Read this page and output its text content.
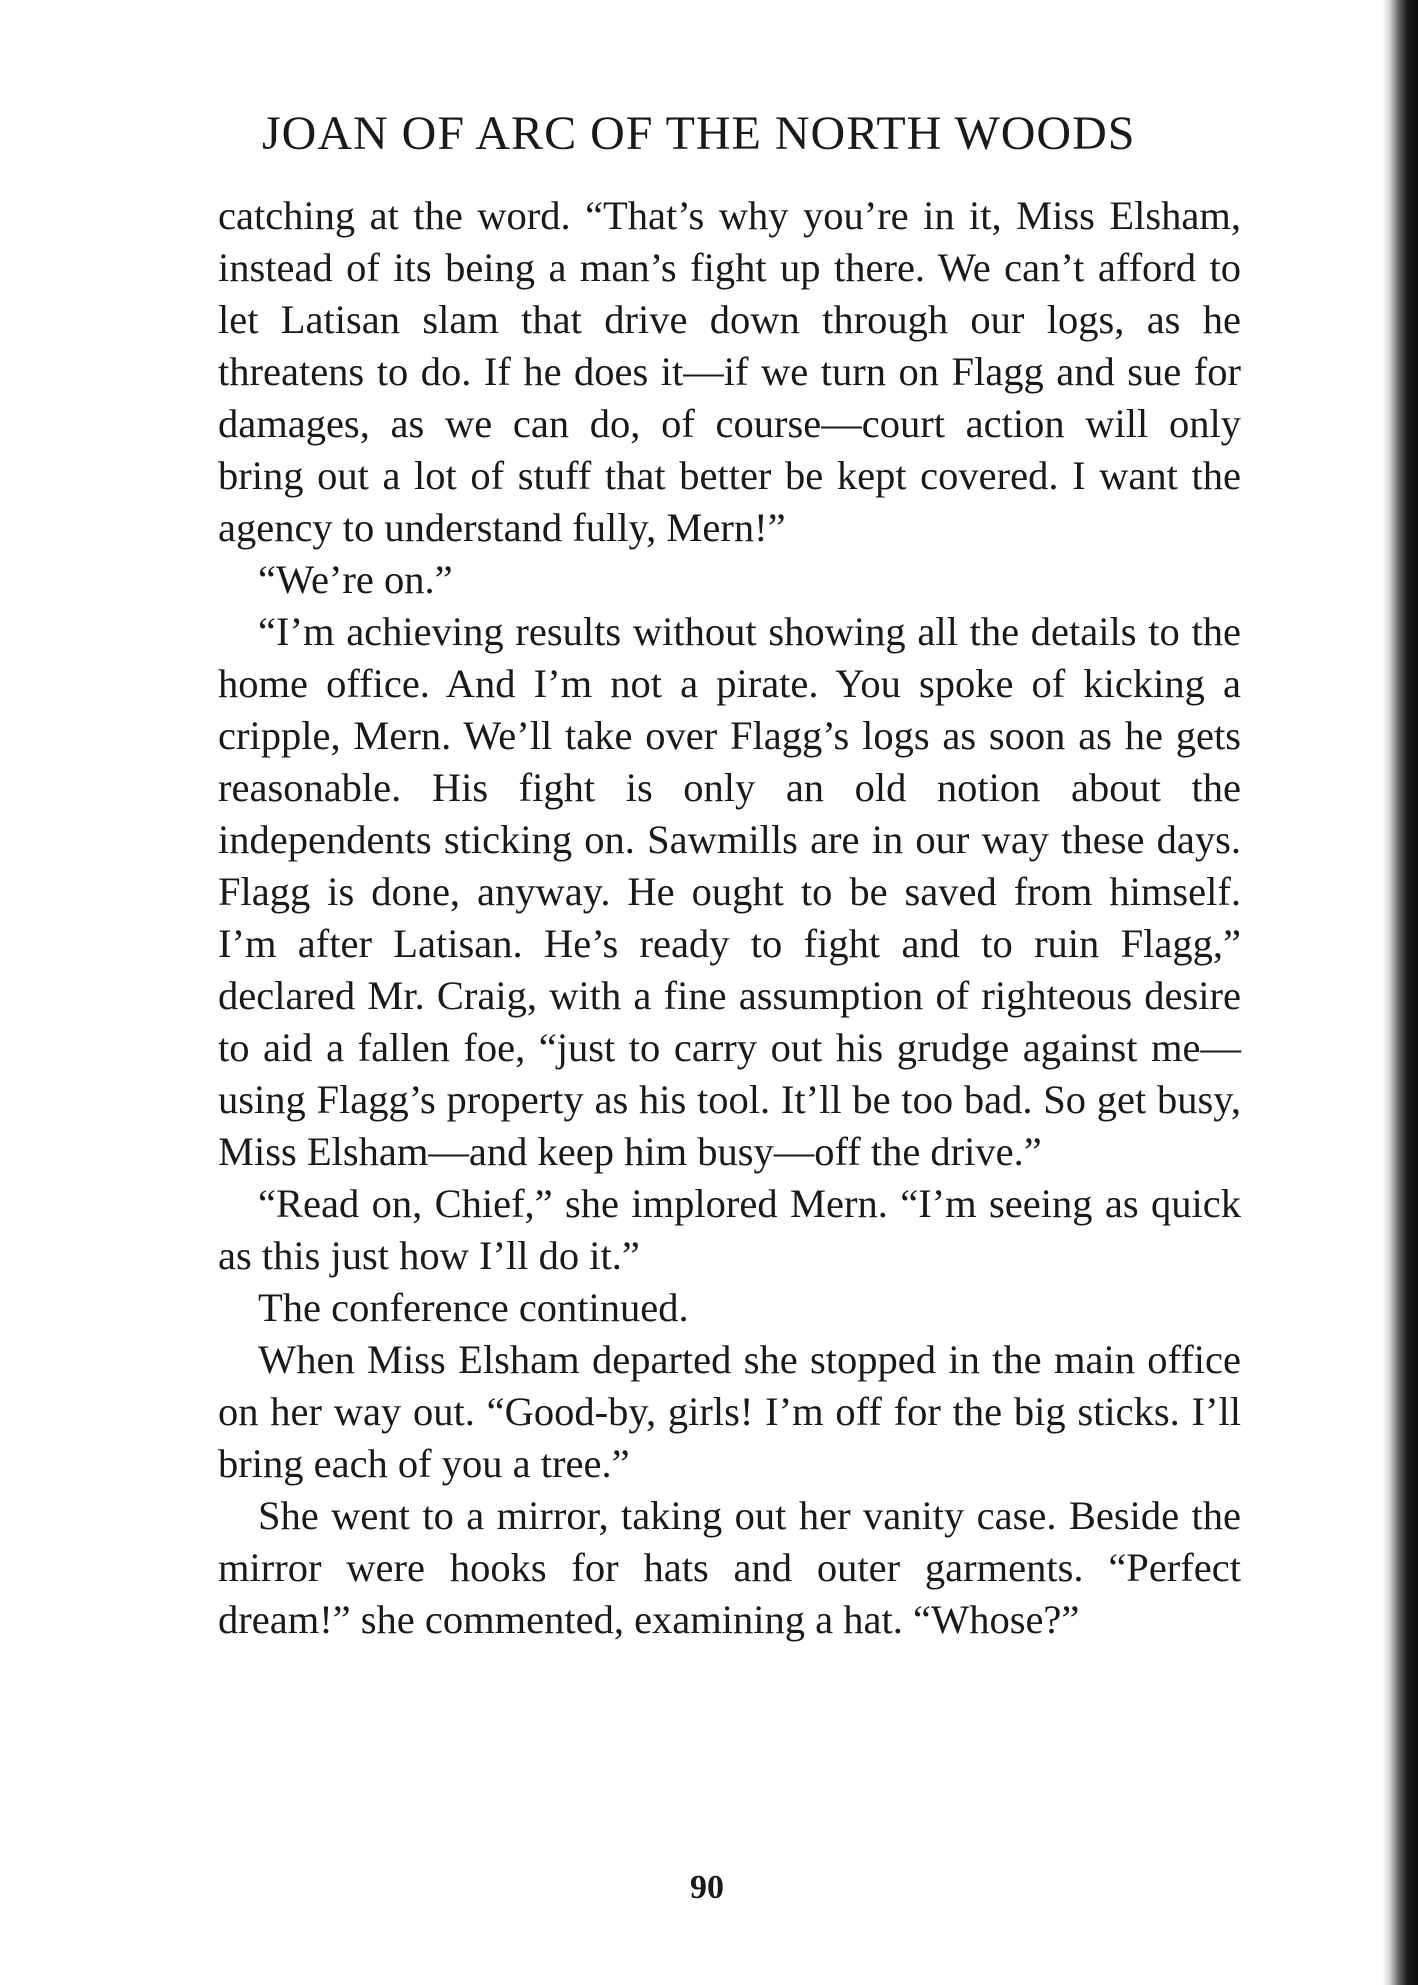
JOAN OF ARC OF THE NORTH WOODS

catching at the word. “That’s why you’re in it, Miss Elsham, instead of its being a man’s fight up there. We can’t afford to let Latisan slam that drive down through our logs, as he threatens to do. If he does it—if we turn on Flagg and sue for damages, as we can do, of course—court action will only bring out a lot of stuff that better be kept covered. I want the agency to understand fully, Mern!”

“We’re on.”

“I’m achieving results without showing all the details to the home office. And I’m not a pirate. You spoke of kicking a cripple, Mern. We’ll take over Flagg’s logs as soon as he gets reasonable. His fight is only an old notion about the independents sticking on. Sawmills are in our way these days. Flagg is done, anyway. He ought to be saved from himself. I’m after Latisan. He’s ready to fight and to ruin Flagg,” declared Mr. Craig, with a fine assumption of righteous desire to aid a fallen foe, “just to carry out his grudge against me—using Flagg’s property as his tool. It’ll be too bad. So get busy, Miss Elsham—and keep him busy—off the drive.”

“Read on, Chief,” she implored Mern. “I’m seeing as quick as this just how I’ll do it.”

The conference continued.

When Miss Elsham departed she stopped in the main office on her way out. “Good-by, girls! I’m off for the big sticks. I’ll bring each of you a tree.”

She went to a mirror, taking out her vanity case. Beside the mirror were hooks for hats and outer garments. “Perfect dream!” she commented, examining a hat. “Whose?”

90
